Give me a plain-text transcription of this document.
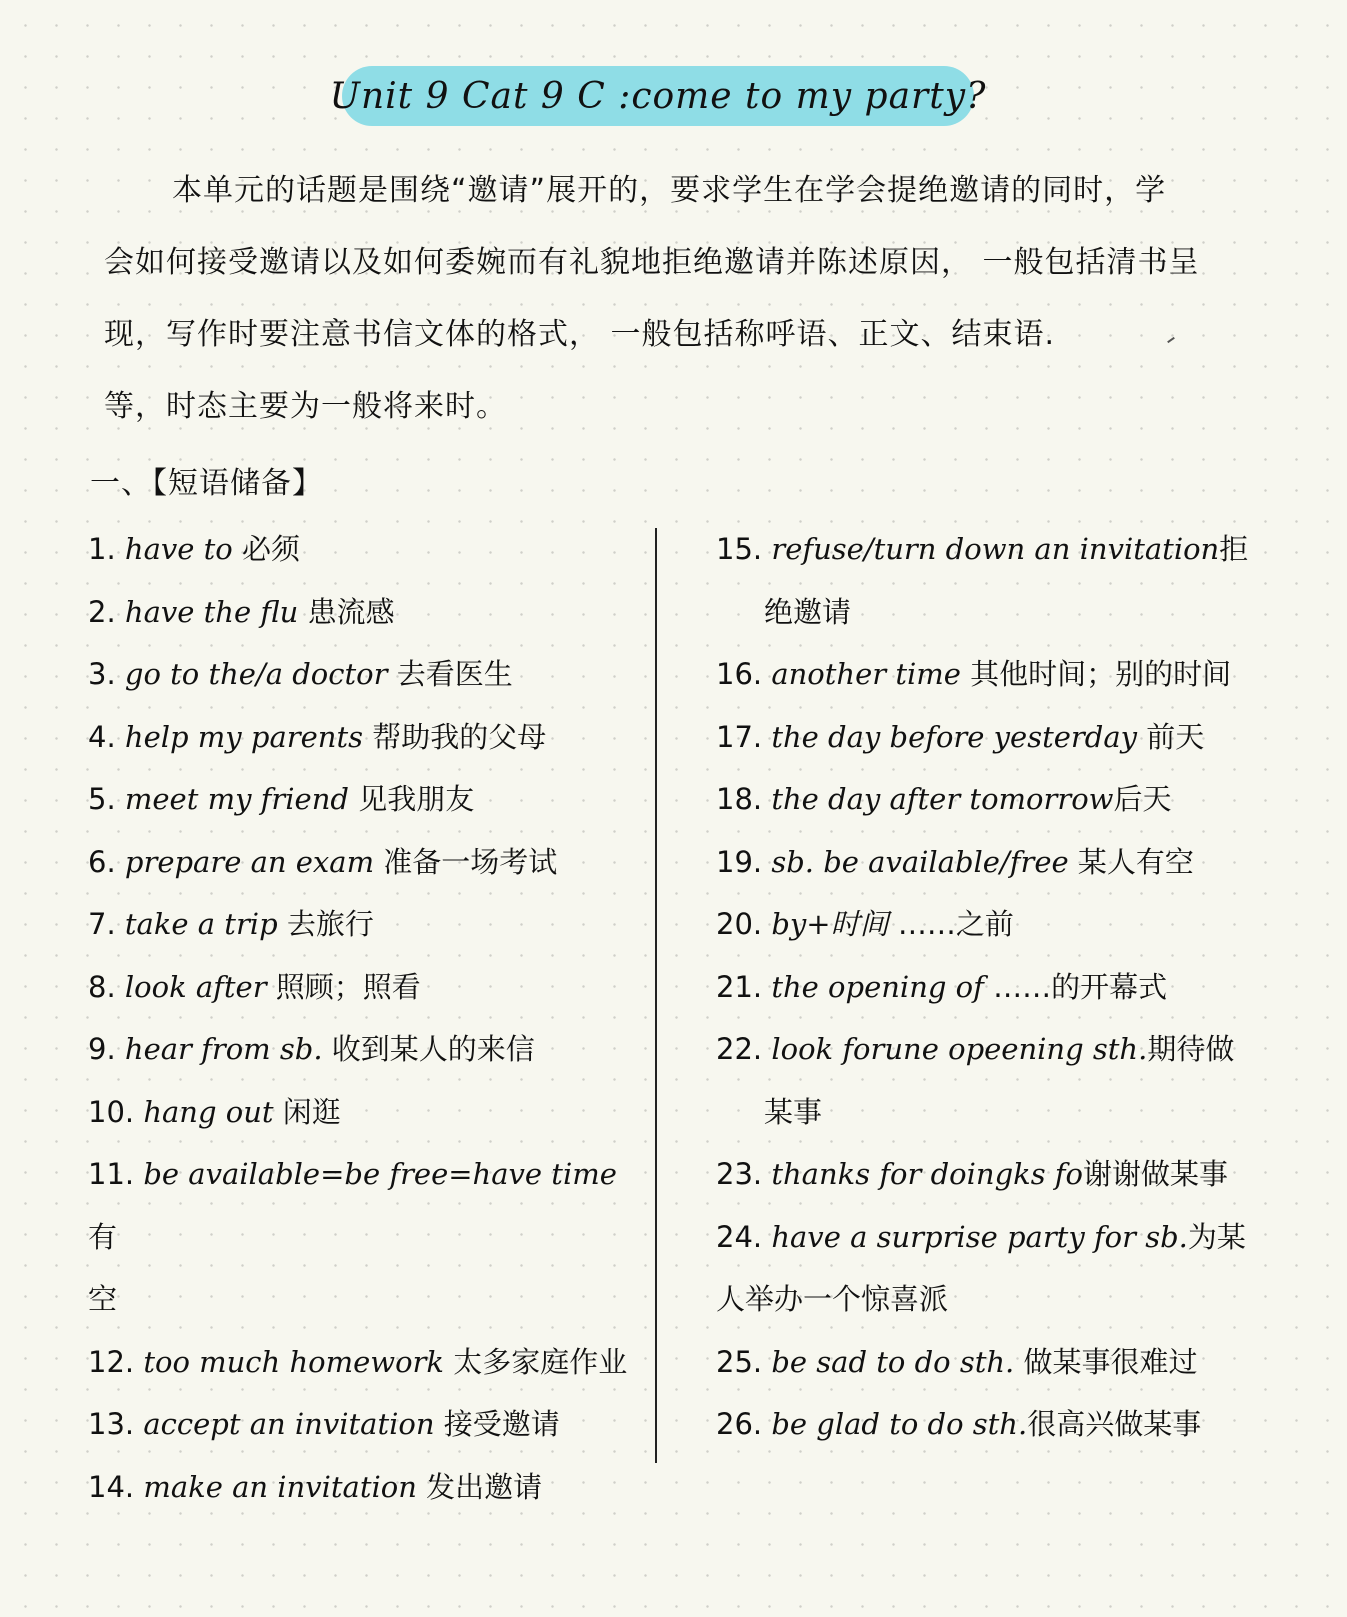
Unit 9 Cat 9 C :come to my party?

本单元的话题是围绕“邀请”展开的，要求学生在学会提绝邀请的同时，学

会如何接受邀请以及如何委婉而有礼貌地拒绝邀请并陈述原因， 一般包括清书呈

现，写作时要注意书信文体的格式， 一般包括称呼语、正文、结束语.

等，时态主要为一般将来时。

一、【短语储备】
1. have to 必须
2. have the flu 患流感
3. go to the/a doctor 去看医生
4. help my parents 帮助我的父母
5. meet my friend 见我朋友
6. prepare an exam 准备一场考试
7. take a trip 去旅行
8. look after 照顾；照看
9. hear from sb. 收到某人的来信
10. hang out 闲逛
11. be available=be free=have time有
空
12. too much homework 太多家庭作业
13. accept an invitation 接受邀请
14. make an invitation 发出邀请
15. refuse/turn down an invitation拒
绝邀请
16. another time 其他时间；别的时间
17. the day before yesterday 前天
18. the day after tomorrow后天
19. sb. be available/free 某人有空
20. by+时间 ……之前
21. the opening of ……的开幕式
22. look forune opeening sth.期待做
某事
23. thanks for doingks fo谢谢做某事
24. have a surprise party for sb.为某
人举办一个惊喜派
25. be sad to do sth. 做某事很难过
26. be glad to do sth.很高兴做某事
